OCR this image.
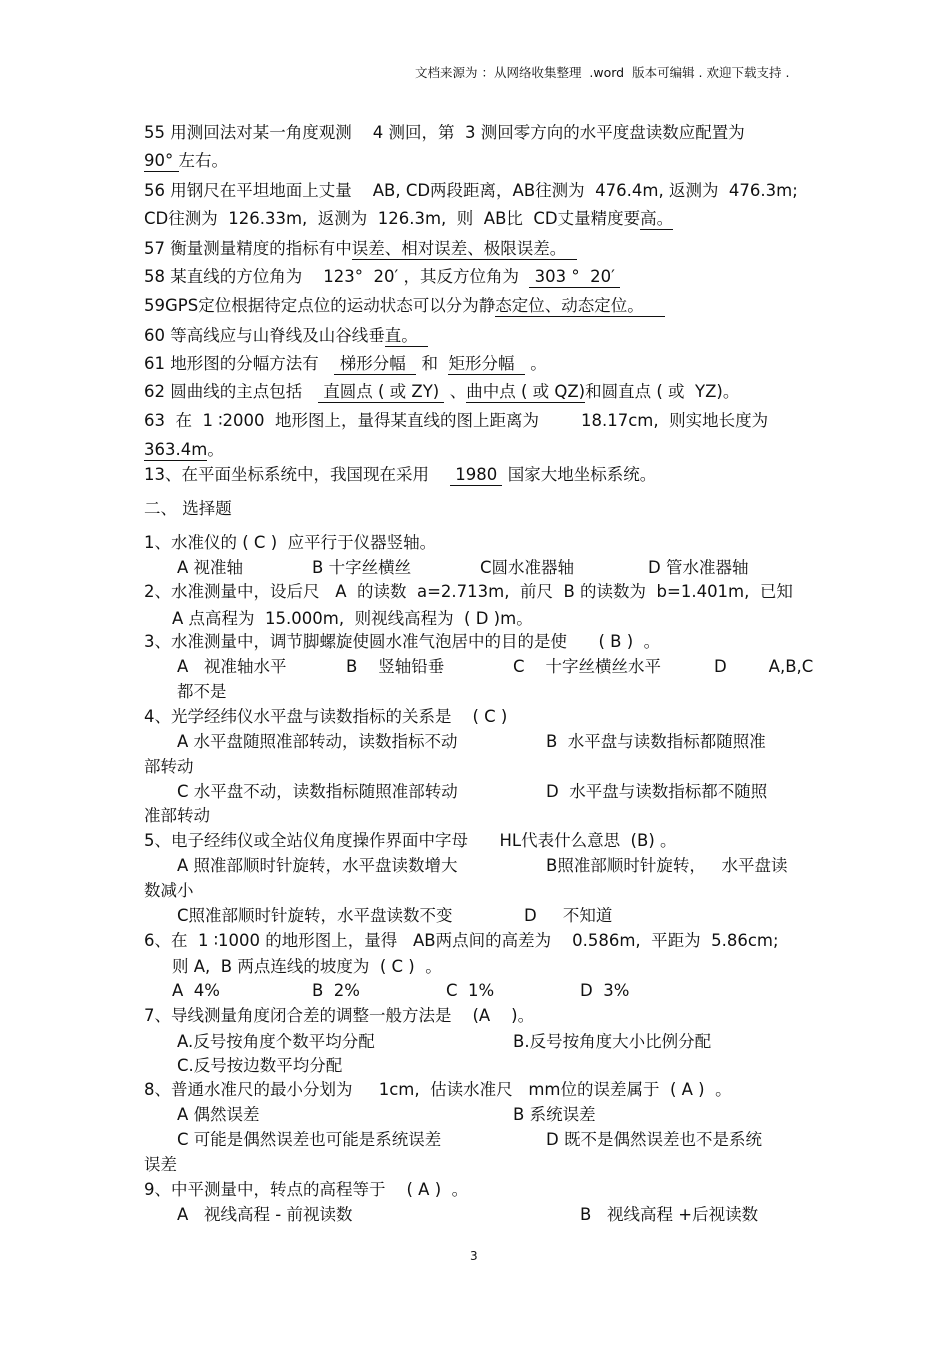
文档来源为 ：从网络收集整理  .word  版本可编辑 . 欢迎下载支持 .
55 用测回法对某一角度观测    4 测回，第  3 测回零方向的水平度盘读数应配置为
90° 左右。
56 用钢尺在平坦地面上丈量    AB, CD两段距离，AB往测为  476.4m, 返测为  476.3m;
CD往测为  126.33m,  返测为  126.3m,  则  AB比  CD丈量精度要高。
57 衡量测量精度的指标有中误差、相对误差、极限误差。
58 某直线的方位角为    123°  20′ ，其反方位角为   303 °  20′
59GPS定位根据待定点位的运动状态可以分为静态定位、动态定位。
60 等高线应与山脊线及山谷线垂直。
61 地形图的分幅方法有    梯形分幅   和  矩形分幅   。
62 圆曲线的主点包括    直圆点 ( 或 ZY)  、曲中点 ( 或 QZ)和圆直点 ( 或  YZ)。
63  在  1 ∶2000  地形图上，量得某直线的图上距离为        18.17cm,  则实地长度为
363.4m。
13、在平面坐标系统中，我国现在采用     1980  国家大地坐标系统。
二、 选择题
1、水准仪的 ( C )  应平行于仪器竖轴。
A 视准轴	B 十字丝横丝	C圆水准器轴	D 管水准器轴
2、水准测量中，设后尺   A  的读数  a=2.713m,  前尺  B 的读数为  b=1.401m,  已知
A 点高程为  15.000m,  则视线高程为  ( D )m。
3、水准测量中，调节脚螺旋使圆水准气泡居中的目的是使      ( B )  。
A   视准轴水平	B    竖轴铅垂	C    十字丝横丝水平	D        A,B,C
都不是
4、光学经纬仪水平盘与读数指标的关系是    ( C )
A 水平盘随照准部转动，读数指标不动	B  水平盘与读数指标都随照准
部转动
C 水平盘不动，读数指标随照准部转动	D  水平盘与读数指标都不随照
准部转动
5、电子经纬仪或全站仪角度操作界面中字母      HL代表什么意思  (B) 。
A 照准部顺时针旋转，水平盘读数增大	B照准部顺时针旋转，   水平盘读
数减小
C照准部顺时针旋转，水平盘读数不变	D     不知道
6、在  1 ∶1000 的地形图上，量得   AB两点间的高差为    0.586m,  平距为  5.86cm;
则 A,  B 两点连线的坡度为  ( C )  。
A  4%	B  2%	C  1%	D  3%
7、导线测量角度闭合差的调整一般方法是    (A    )。
A.反号按角度个数平均分配	B.反号按角度大小比例分配
C.反号按边数平均分配
8、普通水准尺的最小分划为     1cm,  估读水准尺   mm位的误差属于  ( A )  。
A 偶然误差	B 系统误差
C 可能是偶然误差也可能是系统误差	D 既不是偶然误差也不是系统
误差
9、中平测量中，转点的高程等于    ( A )  。
A   视线高程 - 前视读数	B   视线高程 +后视读数
3
